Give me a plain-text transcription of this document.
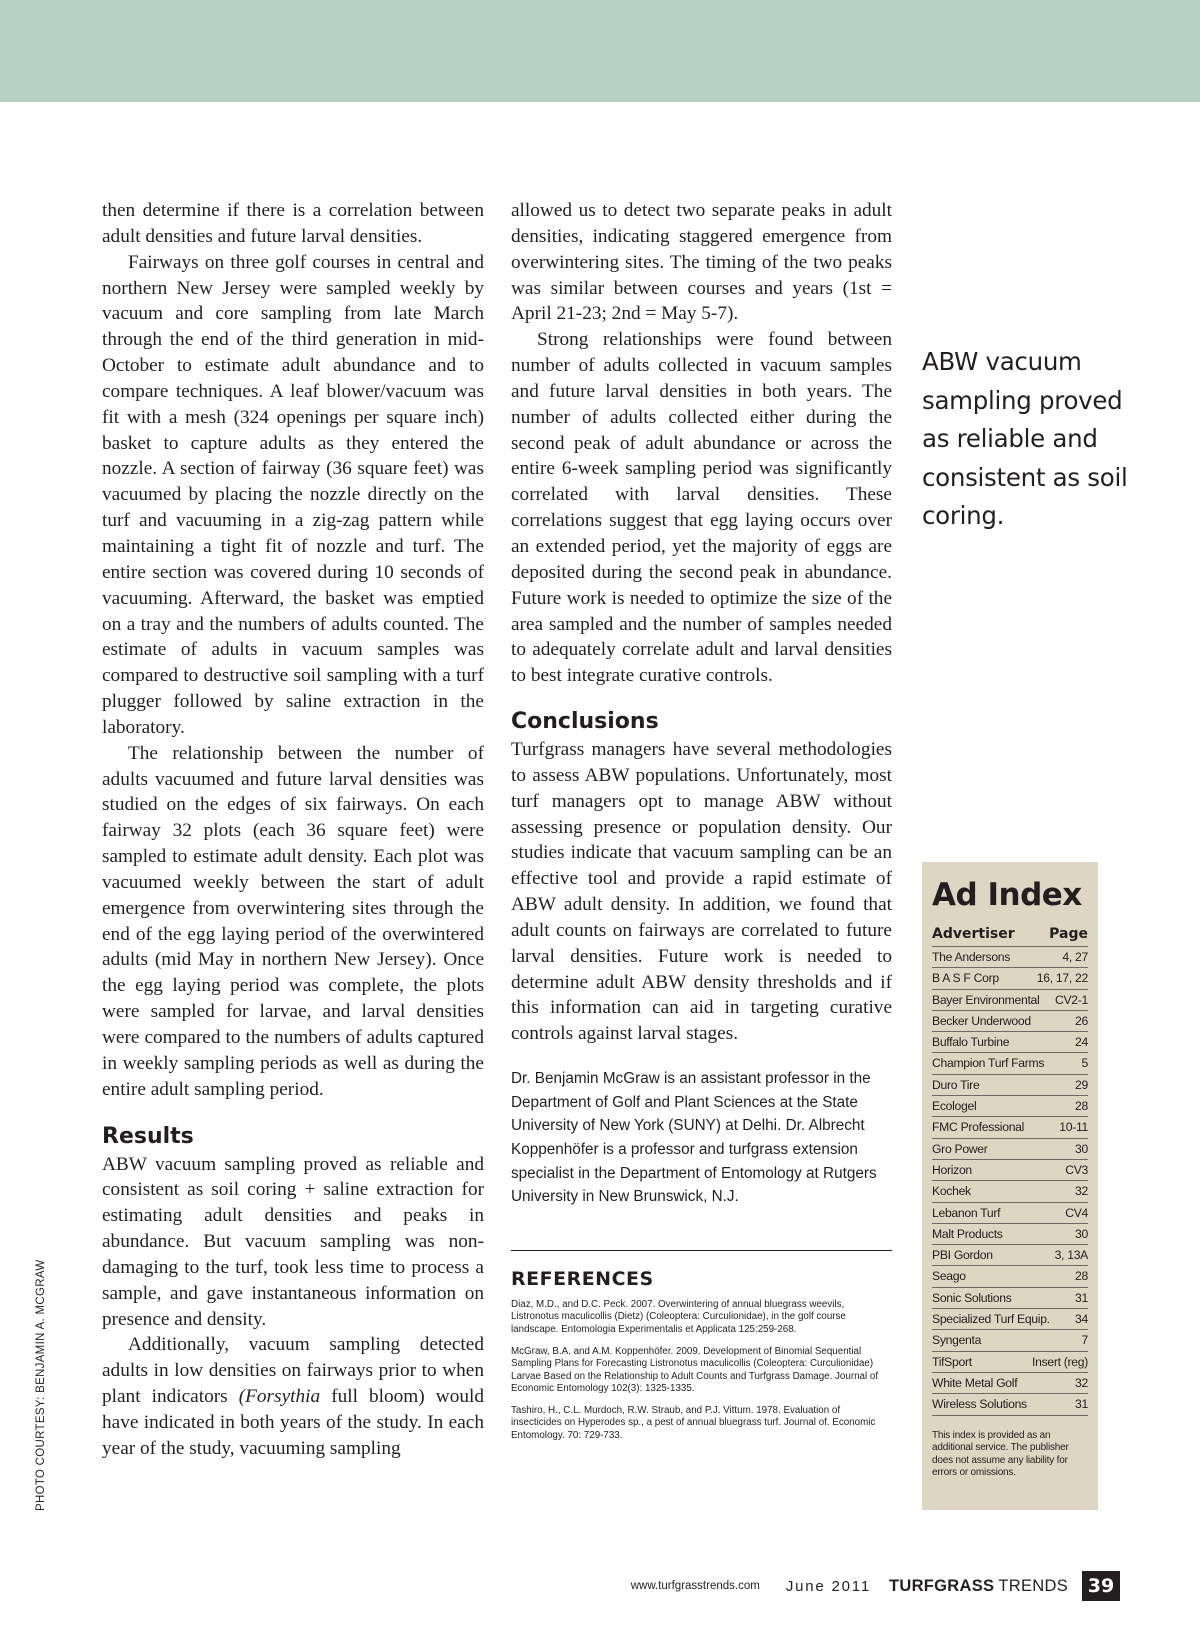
then determine if there is a correlation between adult densities and future larval densities.

Fairways on three golf courses in central and northern New Jersey were sampled weekly by vacuum and core sampling from late March through the end of the third generation in mid-October to estimate adult abundance and to compare techniques. A leaf blower/vacuum was fit with a mesh (324 openings per square inch) basket to capture adults as they entered the nozzle. A section of fairway (36 square feet) was vacuumed by placing the nozzle directly on the turf and vacuuming in a zig-zag pattern while maintaining a tight fit of nozzle and turf. The entire section was covered during 10 seconds of vacuuming. Afterward, the basket was emptied on a tray and the numbers of adults counted. The estimate of adults in vacuum samples was compared to destructive soil sampling with a turf plugger followed by saline extraction in the laboratory.

The relationship between the number of adults vacuumed and future larval densities was studied on the edges of six fairways. On each fairway 32 plots (each 36 square feet) were sampled to estimate adult density. Each plot was vacuumed weekly between the start of adult emergence from overwintering sites through the end of the egg laying period of the overwintered adults (mid May in northern New Jersey). Once the egg laying period was complete, the plots were sampled for larvae, and larval densities were compared to the numbers of adults captured in weekly sampling periods as well as during the entire adult sampling period.

Results

ABW vacuum sampling proved as reliable and consistent as soil coring + saline extraction for estimating adult densities and peaks in abundance. But vacuum sampling was non-damaging to the turf, took less time to process a sample, and gave instantaneous information on presence and density.

Additionally, vacuum sampling detected adults in low densities on fairways prior to when plant indicators (Forsythia full bloom) would have indicated in both years of the study. In each year of the study, vacuuming sampling

allowed us to detect two separate peaks in adult densities, indicating staggered emergence from overwintering sites. The timing of the two peaks was similar between courses and years (1st = April 21-23; 2nd = May 5-7).

Strong relationships were found between number of adults collected in vacuum samples and future larval densities in both years. The number of adults collected either during the second peak of adult abundance or across the entire 6-week sampling period was significantly correlated with larval densities. These correlations suggest that egg laying occurs over an extended period, yet the majority of eggs are deposited during the second peak in abundance. Future work is needed to optimize the size of the area sampled and the number of samples needed to adequately correlate adult and larval densities to best integrate curative controls.

Conclusions

Turfgrass managers have several methodologies to assess ABW populations. Unfortunately, most turf managers opt to manage ABW without assessing presence or population density. Our studies indicate that vacuum sampling can be an effective tool and provide a rapid estimate of ABW adult density. In addition, we found that adult counts on fairways are correlated to future larval densities. Future work is needed to determine adult ABW density thresholds and if this information can aid in targeting curative controls against larval stages.

Dr. Benjamin McGraw is an assistant professor in the Department of Golf and Plant Sciences at the State University of New York (SUNY) at Delhi. Dr. Albrecht Koppenhöfer is a professor and turfgrass extension specialist in the Department of Entomology at Rutgers University in New Brunswick, N.J.

REFERENCES

Diaz, M.D., and D.C. Peck. 2007. Overwintering of annual bluegrass weevils, Listronotus maculicollis (Dietz) (Coleoptera: Curculionidae), in the golf course landscape. Entomologia Experimentalis et Applicata 125:259-268.

McGraw, B.A. and A.M. Koppenhöfer. 2009. Development of Binomial Sequential Sampling Plans for Forecasting Listronotus maculicollis (Coleoptera: Curculionidae) Larvae Based on the Relationship to Adult Counts and Turfgrass Damage. Journal of Economic Entomology 102(3): 1325-1335.

Tashiro, H., C.L. Murdoch, R.W. Straub, and P.J. Vittum. 1978. Evaluation of insecticides on Hyperodes sp., a pest of annual bluegrass turf. Journal of. Economic Entomology. 70: 729-733.

ABW vacuum sampling proved as reliable and consistent as soil coring.
Ad Index
Advertiser Page
The Andersons	4, 27
B A S F Corp	16, 17, 22
Bayer Environmental CV2-1
Becker Underwood	26
Buffalo Turbine	24
Champion Turf Farms	5
Duro Tire	29
Ecologel	28
FMC Professional	10-11
Gro Power	30
Horizon	CV3
Kochek	32
Lebanon Turf	CV4
Malt Products	30
PBI Gordon	3, 13A
Seago	28
Sonic Solutions	31
Specialized Turf Equip. 34
Syngenta	7
TifSport	Insert (reg)
White Metal Golf	32
Wireless Solutions	31
This index is provided as an additional service. The publisher does not assume any liability for errors or omissions.
PHOTO COURTESY: BENJAMIN A. MCGRAW
www.turfgrasstrends.com June 2011 TURFGRASS TRENDS	39
